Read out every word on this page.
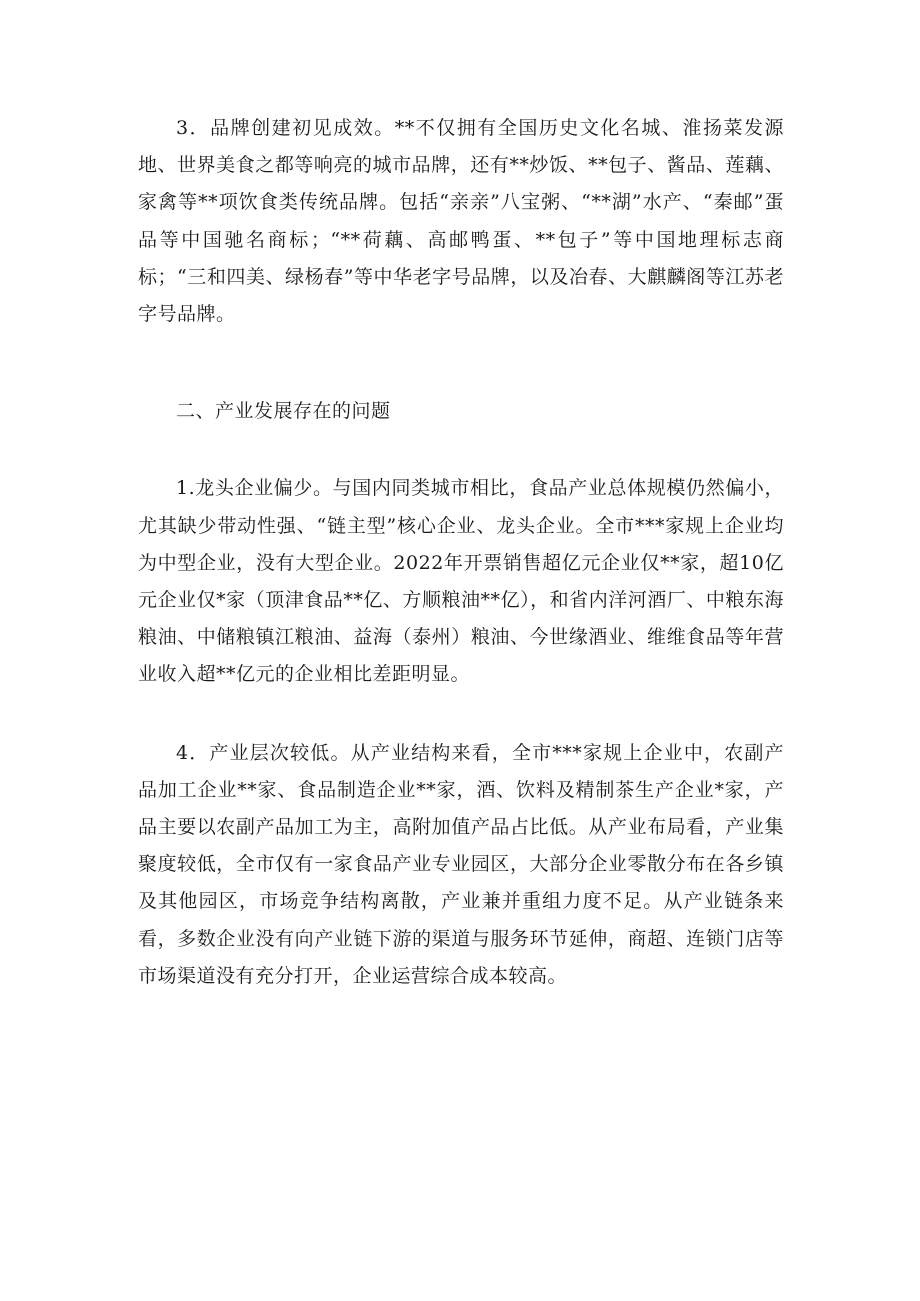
3．品牌创建初见成效。**不仅拥有全国历史文化名城、淮扬菜发源地、世界美食之都等响亮的城市品牌，还有**炒饭、**包子、酱品、莲藕、家禽等**项饮食类传统品牌。包括“亲亲”八宝粥、“**湖”水产、“秦邮”蛋品等中国驰名商标；“**荷藕、高邮鸭蛋、**包子”等中国地理标志商标；“三和四美、绿杨春”等中华老字号品牌，以及冶春、大麒麟阁等江苏老字号品牌。

二、产业发展存在的问题

1.龙头企业偏少。与国内同类城市相比，食品产业总体规模仍然偏小，尤其缺少带动性强、“链主型”核心企业、龙头企业。全市***家规上企业均为中型企业，没有大型企业。2022年开票销售超亿元企业仅**家，超10亿元企业仅*家（顶津食品**亿、方顺粮油**亿），和省内洋河酒厂、中粮东海粮油、中储粮镇江粮油、益海（泰州）粮油、今世缘酒业、维维食品等年营业收入超**亿元的企业相比差距明显。

4．产业层次较低。从产业结构来看，全市***家规上企业中，农副产品加工企业**家、食品制造企业**家，酒、饮料及精制茶生产企业*家，产品主要以农副产品加工为主，高附加值产品占比低。从产业布局看，产业集聚度较低，全市仅有一家食品产业专业园区，大部分企业零散分布在各乡镇及其他园区，市场竞争结构离散，产业兼并重组力度不足。从产业链条来看，多数企业没有向产业链下游的渠道与服务环节延伸，商超、连锁门店等市场渠道没有充分打开，企业运营综合成本较高。
